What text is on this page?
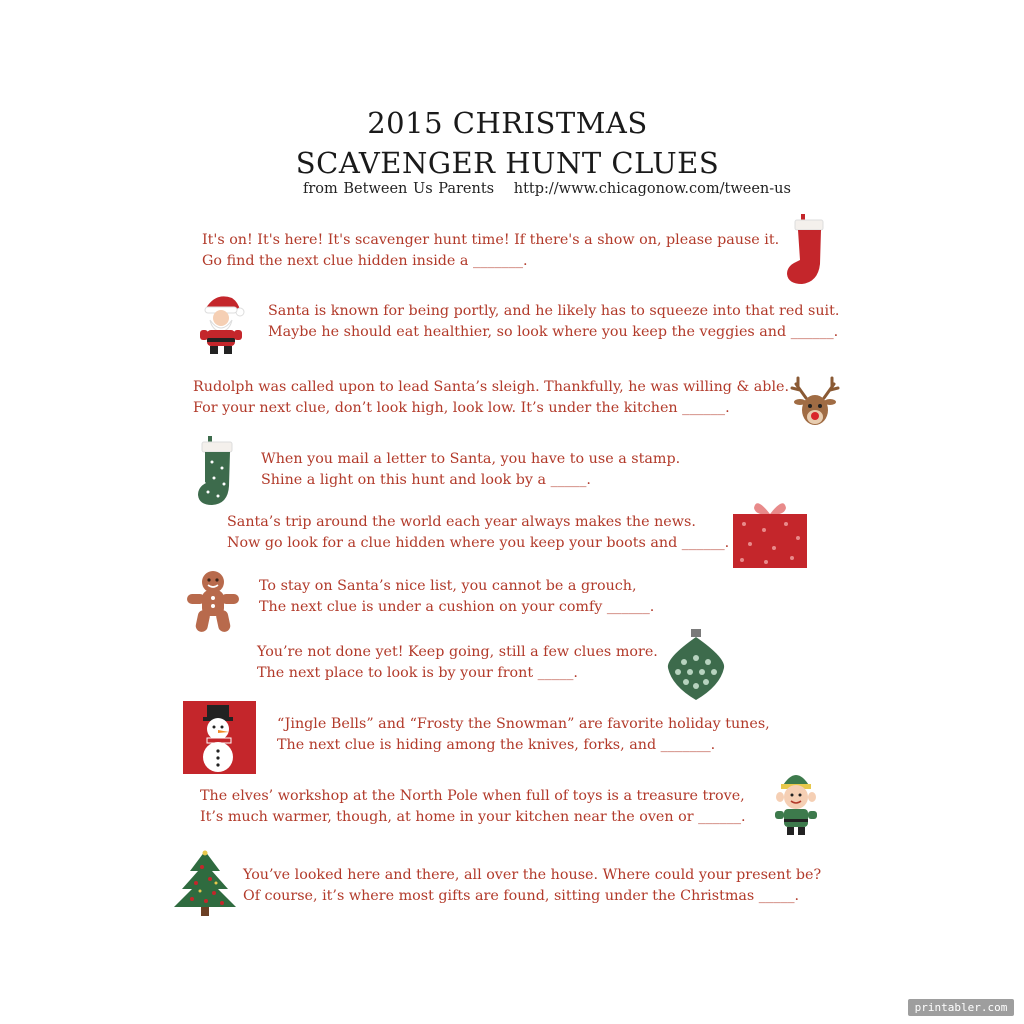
2015 CHRISTMAS
SCAVENGER HUNT CLUES
from Between Us Parents http://www.chicagonow.com/tween-us
It's on! It's here! It's scavenger hunt time! If there's a show on, please pause it.
Go find the next clue hidden inside a _______.
Santa is known for being portly, and he likely has to squeeze into that red suit.
Maybe he should eat healthier, so look where you keep the veggies and ______.
Rudolph was called upon to lead Santa’s sleigh. Thankfully, he was willing & able.
For your next clue, don’t look high, look low. It’s under the kitchen ______.
When you mail a letter to Santa, you have to use a stamp.
Shine a light on this hunt and look by a _____.
Santa’s trip around the world each year always makes the news.
Now go look for a clue hidden where you keep your boots and ______.
To stay on Santa’s nice list, you cannot be a grouch,
The next clue is under a cushion on your comfy ______.
You’re not done yet! Keep going, still a few clues more.
The next place to look is by your front _____.
“Jingle Bells” and “Frosty the Snowman” are favorite holiday tunes,
The next clue is hiding among the knives, forks, and _______.
The elves’ workshop at the North Pole when full of toys is a treasure trove,
It’s much warmer, though, at home in your kitchen near the oven or ______.
You’ve looked here and there, all over the house. Where could your present be?
Of course, it’s where most gifts are found, sitting under the Christmas _____.
printabler.com
